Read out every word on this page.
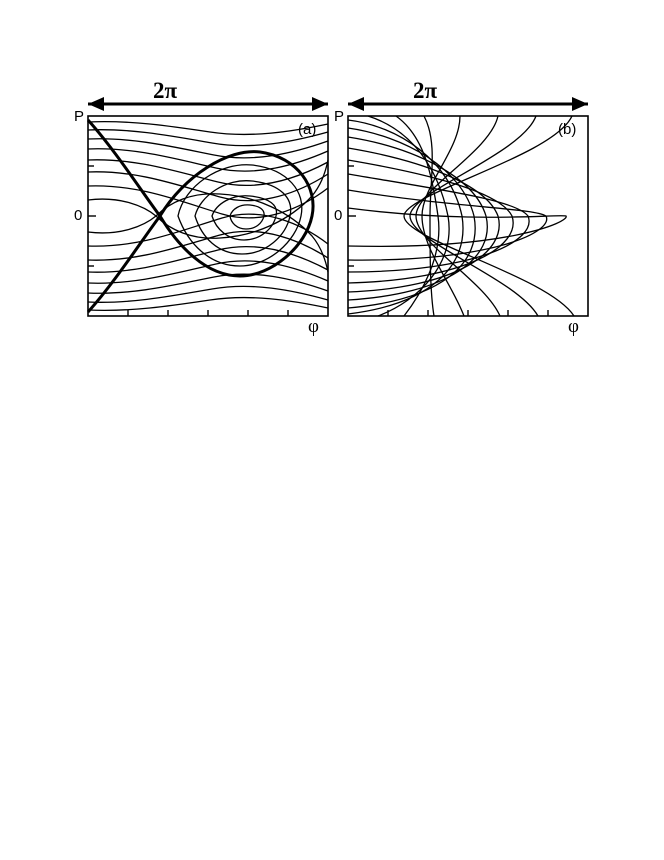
2π
(a)
P
0
φ
2π
(b)
P
0
φ
